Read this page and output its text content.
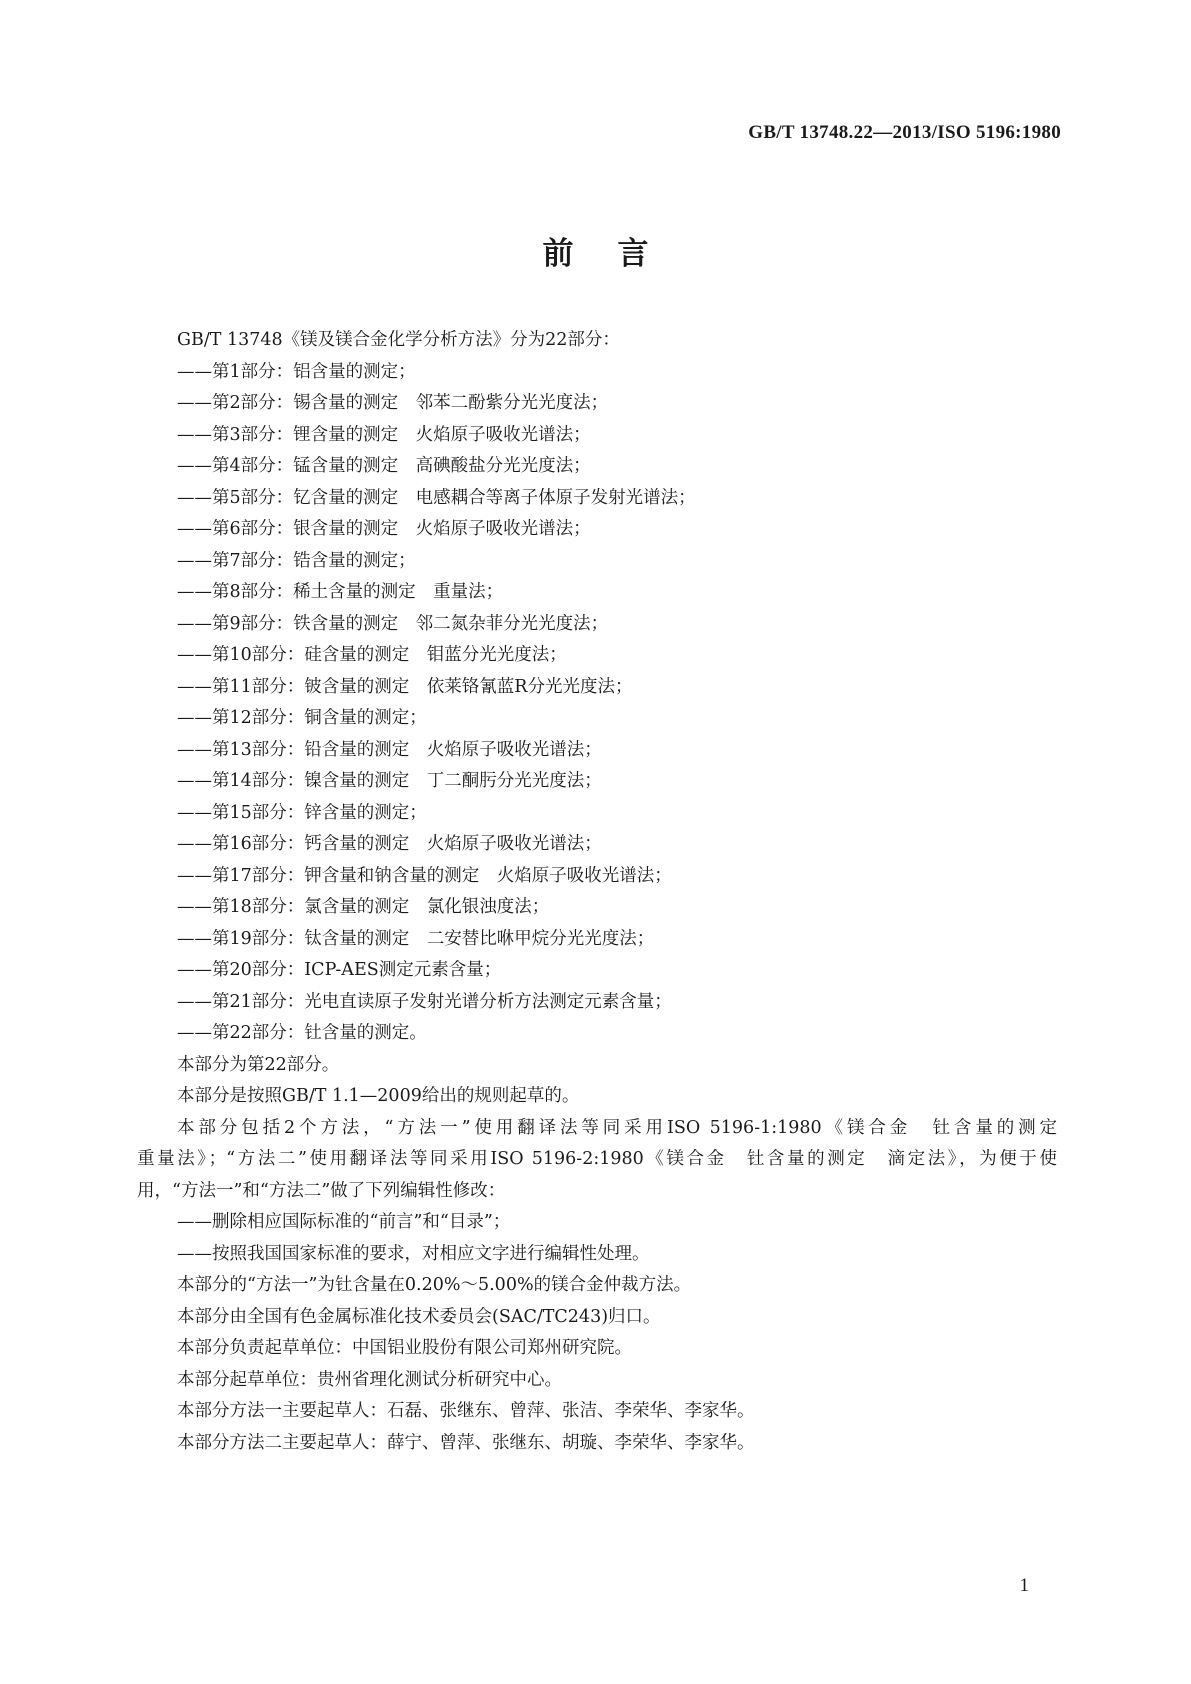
GB/T 13748.22—2013/ISO 5196:1980
前言
GB/T 13748《镁及镁合金化学分析方法》分为22部分：
——第1部分：铝含量的测定；
——第2部分：锡含量的测定　邻苯二酚紫分光光度法；
——第3部分：锂含量的测定　火焰原子吸收光谱法；
——第4部分：锰含量的测定　高碘酸盐分光光度法；
——第5部分：钇含量的测定　电感耦合等离子体原子发射光谱法；
——第6部分：银含量的测定　火焰原子吸收光谱法；
——第7部分：锆含量的测定；
——第8部分：稀土含量的测定　重量法；
——第9部分：铁含量的测定　邻二氮杂菲分光光度法；
——第10部分：硅含量的测定　钼蓝分光光度法；
——第11部分：铍含量的测定　依莱铬氰蓝R分光光度法；
——第12部分：铜含量的测定；
——第13部分：铅含量的测定　火焰原子吸收光谱法；
——第14部分：镍含量的测定　丁二酮肟分光光度法；
——第15部分：锌含量的测定；
——第16部分：钙含量的测定　火焰原子吸收光谱法；
——第17部分：钾含量和钠含量的测定　火焰原子吸收光谱法；
——第18部分：氯含量的测定　氯化银浊度法；
——第19部分：钛含量的测定　二安替比咻甲烷分光光度法；
——第20部分：ICP-AES测定元素含量；
——第21部分：光电直读原子发射光谱分析方法测定元素含量；
——第22部分：钍含量的测定。
本部分为第22部分。
本部分是按照GB/T 1.1—2009给出的规则起草的。
本部分包括2个方法，“方法一”使用翻译法等同采用ISO 5196-1:1980《镁合金　钍含量的测定
重量法》；“方法二”使用翻译法等同采用ISO 5196-2:1980《镁合金　钍含量的测定　滴定法》，为便于使
用，“方法一”和“方法二”做了下列编辑性修改：
——删除相应国际标准的“前言”和“目录”；
——按照我国国家标准的要求，对相应文字进行编辑性处理。
本部分的“方法一”为钍含量在0.20%～5.00%的镁合金仲裁方法。
本部分由全国有色金属标准化技术委员会(SAC/TC243)归口。
本部分负责起草单位：中国铝业股份有限公司郑州研究院。
本部分起草单位：贵州省理化测试分析研究中心。
本部分方法一主要起草人：石磊、张继东、曾萍、张洁、李荣华、李家华。
本部分方法二主要起草人：薛宁、曾萍、张继东、胡璇、李荣华、李家华。
1
